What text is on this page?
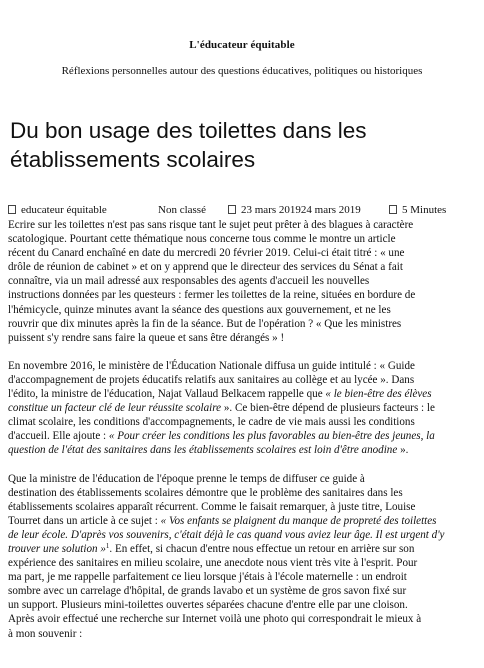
L'éducateur équitable
Réflexions personnelles autour des questions éducatives, politiques ou historiques
Du bon usage des toilettes dans les
établissements scolaires
educateur équitable	Non classé	23 mars 201924 mars 2019	5 Minutes

Ecrire sur les toilettes n'est pas sans risque tant le sujet peut prêter à des blagues à caractère
scatologique. Pourtant cette thématique nous concerne tous comme le montre un article
récent du Canard enchaîné en date du mercredi 20 février 2019. Celui-ci était titré : « une
drôle de réunion de cabinet » et on y apprend que le directeur des services du Sénat a fait
connaître, via un mail adressé aux responsables des agents d'accueil les nouvelles
instructions données par les questeurs : fermer les toilettes de la reine, situées en bordure de
l'hémicycle, quinze minutes avant la séance des questions aux gouvernement, et ne les
rouvrir que dix minutes après la fin de la séance. But de l'opération ? « Que les ministres
puissent s'y rendre sans faire la queue et sans être dérangés » !

En novembre 2016, le ministère de l'Éducation Nationale diffusa un guide intitulé : « Guide
d'accompagnement de projets éducatifs relatifs aux sanitaires au collège et au lycée ». Dans
l'édito, la ministre de l'éducation, Najat Vallaud Belkacem rappelle que « le bien-être des élèves
constitue un facteur clé de leur réussite scolaire ». Ce bien-être dépend de plusieurs facteurs : le
climat scolaire, les conditions d'accompagnements, le cadre de vie mais aussi les conditions
d'accueil. Elle ajoute : « Pour créer les conditions les plus favorables au bien-être des jeunes, la
question de l'état des sanitaires dans les établissements scolaires est loin d'être anodine ».

Que la ministre de l'éducation de l'époque prenne le temps de diffuser ce guide à
destination des établissements scolaires démontre que le problème des sanitaires dans les
établissements scolaires apparaît récurrent. Comme le faisait remarquer, à juste titre, Louise
Tourret dans un article à ce sujet : « Vos enfants se plaignent du manque de propreté des toilettes
de leur école. D'après vos souvenirs, c'était déjà le cas quand vous aviez leur âge. Il est urgent d'y
trouver une solution »$^1$. En effet, si chacun d'entre nous effectue un retour en arrière sur son
expérience des sanitaires en milieu scolaire, une anecdote nous vient très vite à l'esprit. Pour
ma part, je me rappelle parfaitement ce lieu lorsque j'étais à l'école maternelle : un endroit
sombre avec un carrelage d'hôpital, de grands lavabo et un système de gros savon fixé sur
un support. Plusieurs mini-toilettes ouvertes séparées chacune d'entre elle par une cloison.
Après avoir effectué une recherche sur Internet voilà une photo qui correspondrait le mieux à
à mon souvenir :
